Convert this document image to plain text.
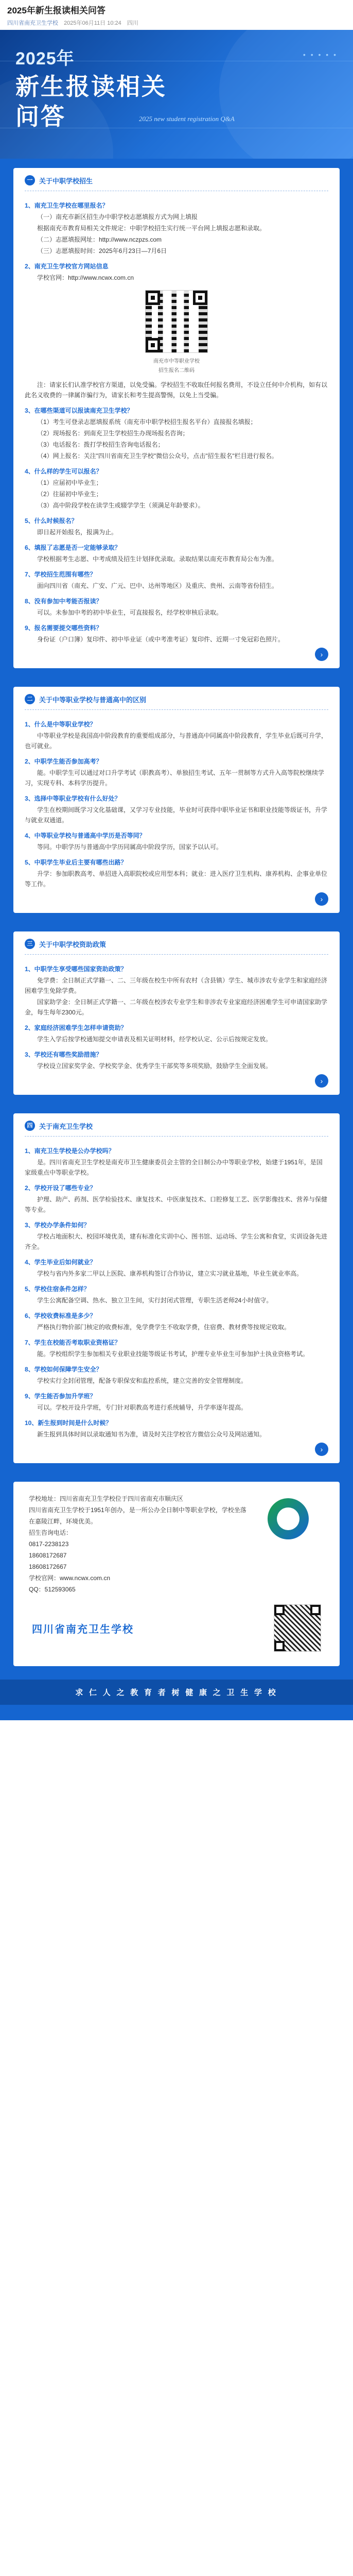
2025年新生报读相关问答
四川省南充卫生学校 2025年06月11日 10:24 四川
2025年	• • • • •
新生报读相关
问答	2025 new student registration Q&A
一 关于中职学校招生
1、南充卫生学校在哪里报名？
（一）南充市新区招生办中职学校志愿填报方式为网上填报
根据南充市教育局相关文件规定：中职学校招生实行统一平台网上填报志愿和录取。
（二）志愿填报网址：http://www.nczpzs.com
（三）志愿填报时间：2025年6月23日—7月6日
2、南充卫生学校官方网站信息
学校官网：http://www.ncwx.com.cn
南充市中等职业学校
招生报名二维码
注：请家长们认准学校官方渠道，以免受骗。学校招生不收取任何报名费用，不设立任何中介机构，如有以此名义收费的一律属诈骗行为，请家长和考生提高警惕，以免上当受骗。
3、在哪些渠道可以报读南充卫生学校？
（1）考生可登录志愿填报系统（南充市中职学校招生报名平台）直接报名填报；
（2）现场报名：到南充卫生学校招生办现场报名咨询；
（3）电话报名：拨打学校招生咨询电话报名；
（4）网上报名：关注"四川省南充卫生学校"微信公众号，点击"招生报名"栏目进行报名。
4、什么样的学生可以报名？
（1）应届初中毕业生；
（2）往届初中毕业生；
（3）高中阶段学校在读学生或辍学学生（须满足年龄要求）。
5、什么时候报名？
即日起开始报名，报满为止。
6、填报了志愿是否一定能够录取？
学校根据考生志愿、中考成绩及招生计划择优录取。录取结果以南充市教育局公布为准。
7、学校招生范围有哪些？
面向四川省（南充、广安、广元、巴中、达州等地区）及重庆、贵州、云南等省份招生。
8、没有参加中考能否报读？
可以。未参加中考的初中毕业生，可直接报名，经学校审核后录取。
9、报名需要提交哪些资料？
身份证（户口簿）复印件、初中毕业证（或中考准考证）复印件、近期一寸免冠彩色照片。
›
二 关于中等职业学校与普通高中的区别
1、什么是中等职业学校？
中等职业学校是我国高中阶段教育的重要组成部分，与普通高中同属高中阶段教育，学生毕业后既可升学，也可就业。
2、中职学生能否参加高考？
能。中职学生可以通过对口升学考试（职教高考）、单独招生考试、五年一贯制等方式升入高等院校继续学习，实现专科、本科学历提升。
3、选择中等职业学校有什么好处？
学生在校期间既学习文化基础课，又学习专业技能，毕业时可获得中职毕业证书和职业技能等级证书，升学与就业双通道。
4、中等职业学校与普通高中学历是否等同？
等同。中职学历与普通高中学历同属高中阶段学历，国家予以认可。
5、中职学生毕业后主要有哪些出路？
升学：参加职教高考、单招进入高职院校或应用型本科；就业：进入医疗卫生机构、康养机构、企事业单位等工作。
›
三 关于中职学校资助政策
1、中职学生享受哪些国家资助政策？
免学费：全日制正式学籍一、二、三年级在校生中所有农村（含县镇）学生、城市涉农专业学生和家庭经济困难学生免除学费。
国家助学金：全日制正式学籍一、二年级在校涉农专业学生和非涉农专业家庭经济困难学生可申请国家助学金，每生每年2300元。
2、家庭经济困难学生怎样申请资助？
学生入学后按学校通知提交申请表及相关证明材料，经学校认定、公示后按规定发放。
3、学校还有哪些奖励措施？
学校设立国家奖学金、学校奖学金、优秀学生干部奖等多项奖励，鼓励学生全面发展。
›
四 关于南充卫生学校
1、南充卫生学校是公办学校吗？
是。四川省南充卫生学校是南充市卫生健康委员会主管的全日制公办中等职业学校，始建于1951年，是国家级重点中等职业学校。
2、学校开设了哪些专业？
护理、助产、药剂、医学检验技术、康复技术、中医康复技术、口腔修复工艺、医学影像技术、营养与保健等专业。
3、学校办学条件如何？
学校占地面积大、校园环境优美，建有标准化实训中心、图书馆、运动场、学生公寓和食堂，实训设备先进齐全。
4、学生毕业后如何就业？
学校与省内外多家二甲以上医院、康养机构签订合作协议，建立实习就业基地，毕业生就业率高。
5、学校住宿条件怎样？
学生公寓配备空调、热水、独立卫生间，实行封闭式管理，专职生活老师24小时值守。
6、学校收费标准是多少？
严格执行物价部门核定的收费标准，免学费学生不收取学费，住宿费、教材费等按规定收取。
7、学生在校能否考取职业资格证？
能。学校组织学生参加相关专业职业技能等级证书考试，护理专业毕业生可参加护士执业资格考试。
8、学校如何保障学生安全？
学校实行全封闭管理，配备专职保安和监控系统，建立完善的安全管理制度。
9、学生能否参加升学班？
可以。学校开设升学班，专门针对职教高考进行系统辅导，升学率逐年提高。
10、新生报到时间是什么时候？
新生报到具体时间以录取通知书为准，请及时关注学校官方微信公众号及网站通知。
›
学校地址：四川省南充卫生学校位于四川省南充市顺庆区
四川省南充卫生学校于1951年创办，是一所公办全日制中等职业学校，学校坐落在嘉陵江畔，环境优美。
招生咨询电话：
0817-2238123
18608172687
18608172667
学校官网：www.ncwx.com.cn
QQ：512593065
四川省南充卫生学校
求 仁 人 之 教 育 者 树 健 康 之 卫 生 学 校
